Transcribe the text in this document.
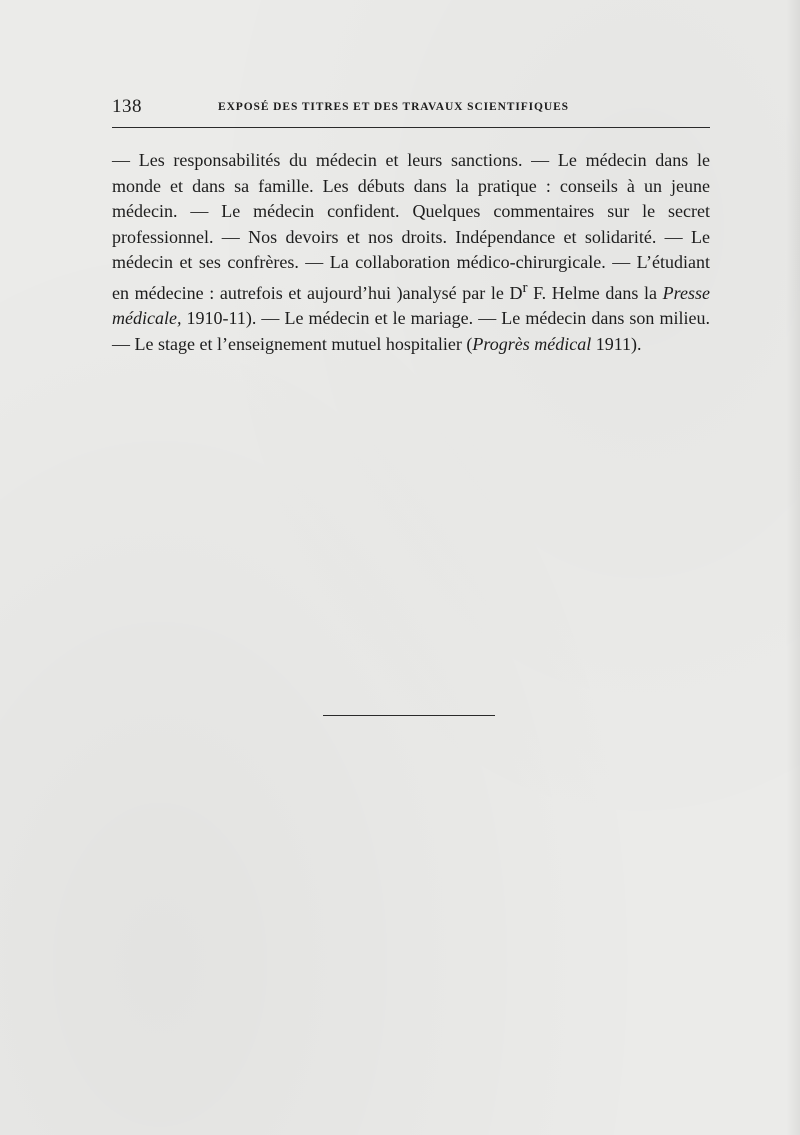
138	EXPOSÉ DES TITRES ET DES TRAVAUX SCIENTIFIQUES

— Les responsabilités du médecin et leurs sanctions. — Le médecin dans le monde et dans sa famille. Les débuts dans la pratique : conseils à un jeune médecin. — Le médecin confident. Quelques commentaires sur le secret professionnel. — Nos devoirs et nos droits. Indépendance et solidarité. — Le médecin et ses confrères. — La collaboration médico-chirurgicale. — L’étudiant en médecine : autrefois et aujourd’hui )analysé par le $D^r$ F. Helme dans la Presse médicale, 1910-11). — Le médecin et le mariage. — Le médecin dans son milieu. — Le stage et l’enseignement mutuel hospitalier (Progrès médical 1911).
